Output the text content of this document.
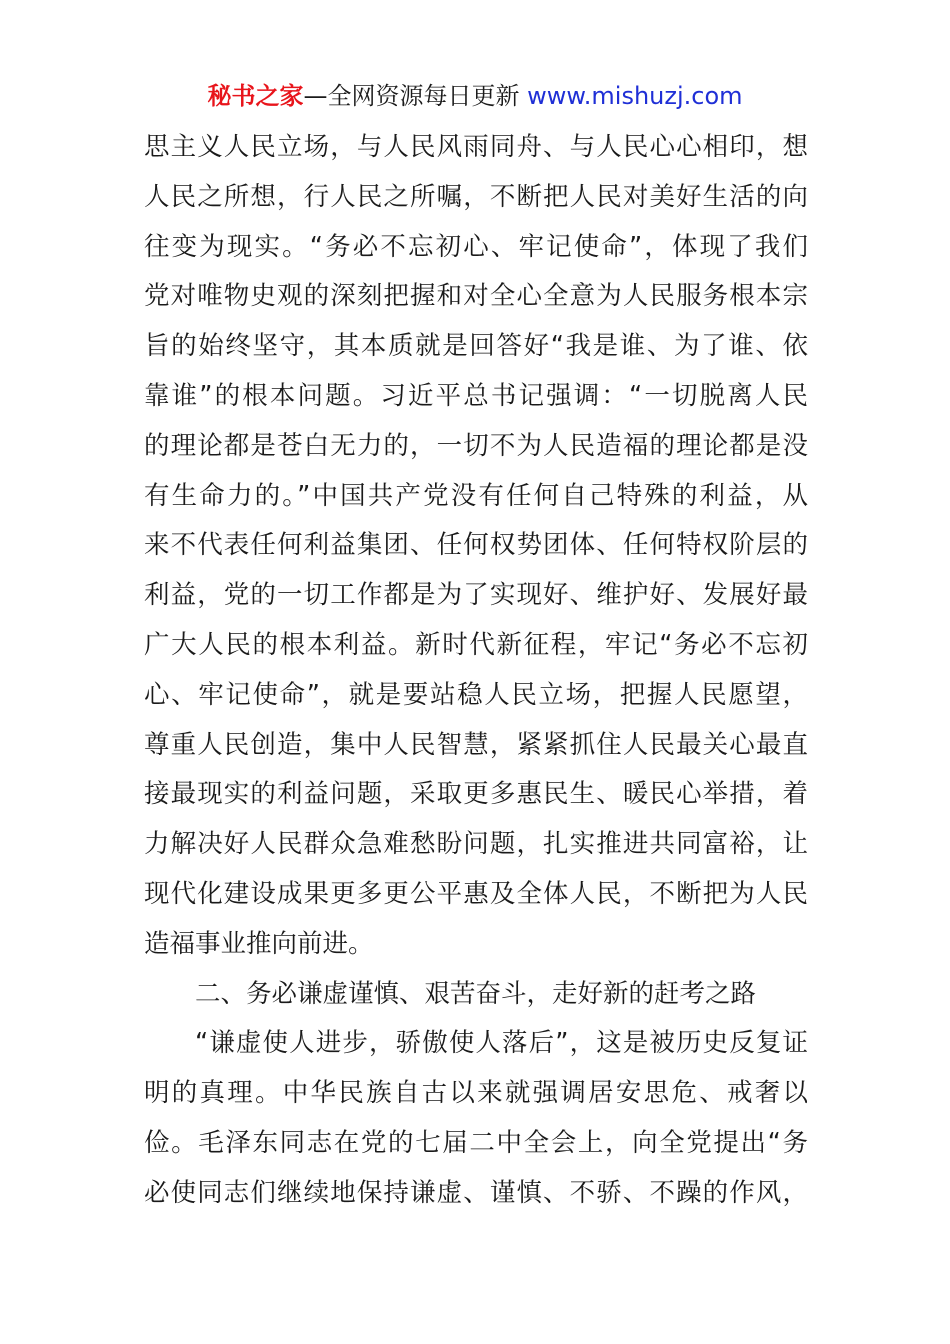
秘书之家—全网资源每日更新 www.mishuzj.com
思主义人民立场，与人民风雨同舟、与人民心心相印，想
人民之所想，行人民之所嘱，不断把人民对美好生活的向
往变为现实。“务必不忘初心、牢记使命”，体现了我们
党对唯物史观的深刻把握和对全心全意为人民服务根本宗
旨的始终坚守，其本质就是回答好“我是谁、为了谁、依
靠谁”的根本问题。习近平总书记强调：“一切脱离人民
的理论都是苍白无力的，一切不为人民造福的理论都是没
有生命力的。”中国共产党没有任何自己特殊的利益，从
来不代表任何利益集团、任何权势团体、任何特权阶层的
利益，党的一切工作都是为了实现好、维护好、发展好最
广大人民的根本利益。新时代新征程，牢记“务必不忘初
心、牢记使命”，就是要站稳人民立场，把握人民愿望，
尊重人民创造，集中人民智慧，紧紧抓住人民最关心最直
接最现实的利益问题，采取更多惠民生、暖民心举措，着
力解决好人民群众急难愁盼问题，扎实推进共同富裕，让
现代化建设成果更多更公平惠及全体人民，不断把为人民
造福事业推向前进。
二、务必谦虚谨慎、艰苦奋斗，走好新的赶考之路
“谦虚使人进步，骄傲使人落后”，这是被历史反复证
明的真理。中华民族自古以来就强调居安思危、戒奢以
俭。毛泽东同志在党的七届二中全会上，向全党提出“务
必使同志们继续地保持谦虚、谨慎、不骄、不躁的作风，
